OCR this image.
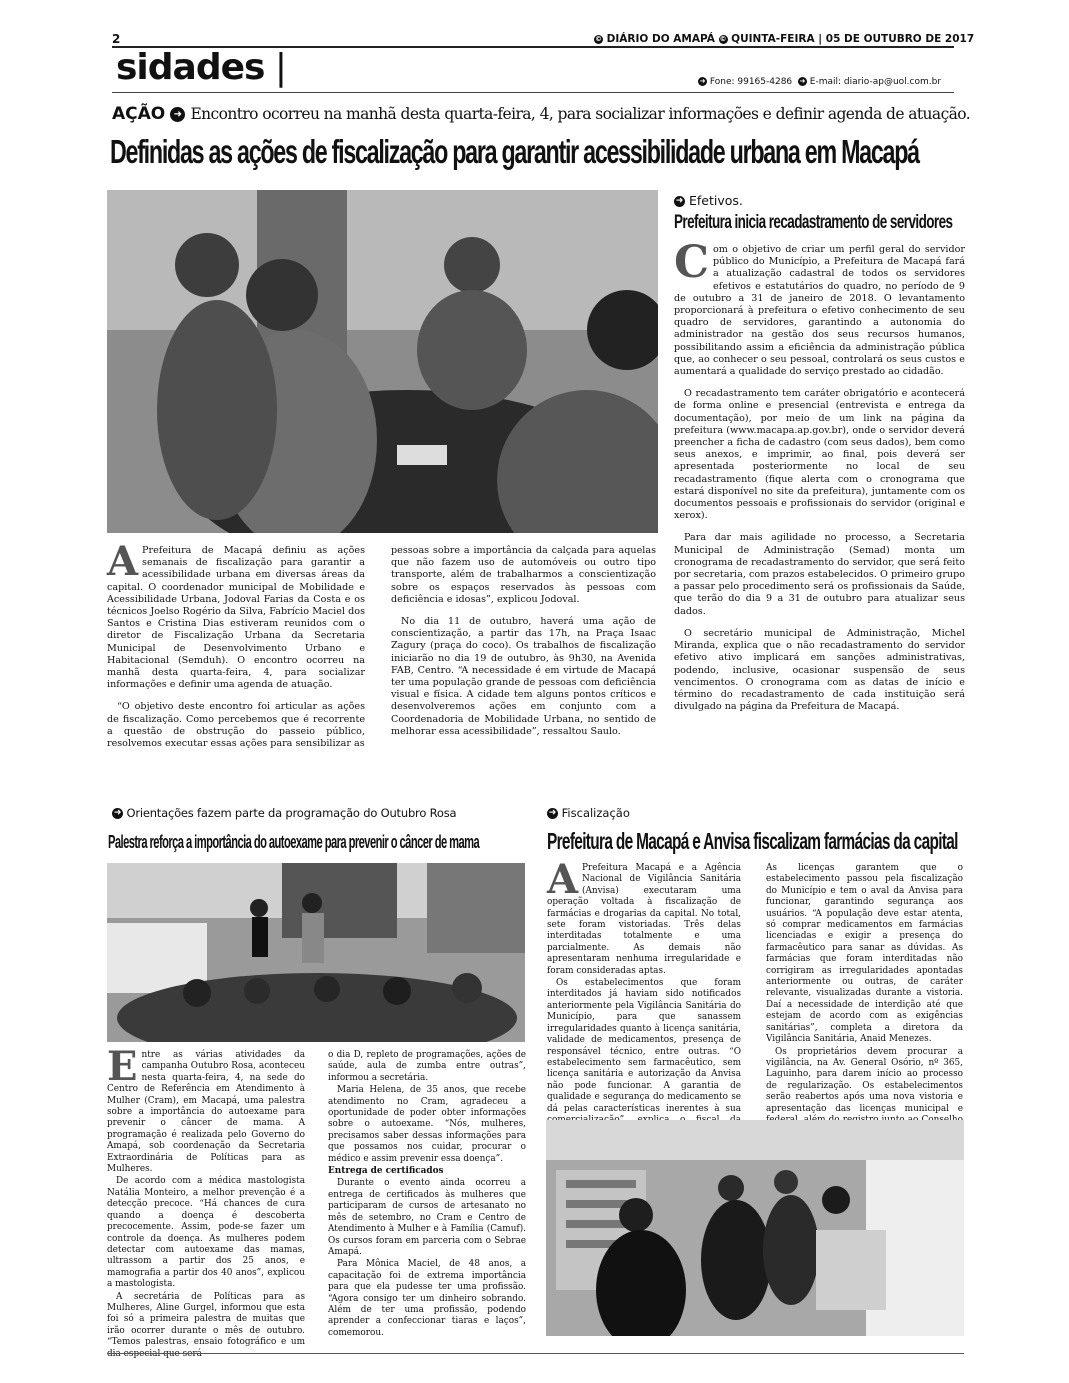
2	© DIÁRIO DO AMAPÁ © QUINTA-FEIRA | 05 DE OUTUBRO DE 2017
sidades |	➜ Fone: 99165-4286 ➜ E-mail: diario-ap@uol.com.br
AÇÃO ➜ Encontro ocorreu na manhã desta quarta-feira, 4, para socializar informações e definir agenda de atuação.
Definidas as ações de fiscalização para garantir acessibilidade urbana em Macapá

A Prefeitura de Macapá definiu as ações semanais de fiscalização para garantir a acessibilidade urbana em diversas áreas da capital. O coordenador municipal de Mobilidade e Acessibilidade Urbana, Jodoval Farias da Costa e os técnicos Joelso Rogério da Silva, Fabrício Maciel dos Santos e Cristina Dias estiveram reunidos com o diretor de Fiscalização Urbana da Secretaria Municipal de Desenvolvimento Urbano e Habitacional (Semduh). O encontro ocorreu na manhã desta quarta-feira, 4, para socializar informações e definir uma agenda de atuação.

“O objetivo deste encontro foi articular as ações de fiscalização. Como percebemos que é recorrente a questão de obstrução do passeio público, resolvemos executar essas ações para sensibilizar as

pessoas sobre a importância da calçada para aquelas que não fazem uso de automóveis ou outro tipo transporte, além de trabalharmos a conscientização sobre os espaços reservados às pessoas com deficiência e idosas”, explicou Jodoval.

No dia 11 de outubro, haverá uma ação de conscientização, a partir das 17h, na Praça Isaac Zagury (praça do coco). Os trabalhos de fiscalização iniciarão no dia 19 de outubro, às 9h30, na Avenida FAB, Centro. “A necessidade é em virtude de Macapá ter uma população grande de pessoas com deficiência visual e física. A cidade tem alguns pontos críticos e desenvolveremos ações em conjunto com a Coordenadoria de Mobilidade Urbana, no sentido de melhorar essa acessibilidade”, ressaltou Saulo.

➜ Efetivos.
Prefeitura inicia recadastramento de servidores

Com o objetivo de criar um perfil geral do servidor público do Município, a Prefeitura de Macapá fará a atualização cadastral de todos os servidores efetivos e estatutários do quadro, no período de 9 de outubro a 31 de janeiro de 2018. O levantamento proporcionará à prefeitura o efetivo conhecimento de seu quadro de servidores, garantindo a autonomia do administrador na gestão dos seus recursos humanos, possibilitando assim a eficiência da administração pública que, ao conhecer o seu pessoal, controlará os seus custos e aumentará a qualidade do serviço prestado ao cidadão.

O recadastramento tem caráter obrigatório e acontecerá de forma online e presencial (entrevista e entrega da documentação), por meio de um link na página da prefeitura (www.macapa.ap.gov.br), onde o servidor deverá preencher a ficha de cadastro (com seus dados), bem como seus anexos, e imprimir, ao final, pois deverá ser apresentada posteriormente no local de seu recadastramento (fique alerta com o cronograma que estará disponível no site da prefeitura), juntamente com os documentos pessoais e profissionais do servidor (original e xerox).

Para dar mais agilidade no processo, a Secretaria Municipal de Administração (Semad) monta um cronograma de recadastramento do servidor, que será feito por secretaria, com prazos estabelecidos. O primeiro grupo a passar pelo procedimento será os profissionais da Saúde, que terão do dia 9 a 31 de outubro para atualizar seus dados.

O secretário municipal de Administração, Michel Miranda, explica que o não recadastramento do servidor efetivo ativo implicará em sanções administrativas, podendo, inclusive, ocasionar suspensão de seus vencimentos. O cronograma com as datas de início e término do recadastramento de cada instituição será divulgado na página da Prefeitura de Macapá.

➜ Orientações fazem parte da programação do Outubro Rosa
Palestra reforça a importância do autoexame para prevenir o câncer de mama

Entre as várias atividades da campanha Outubro Rosa, aconteceu nesta quarta-feira, 4, na sede do Centro de Referência em Atendimento à Mulher (Cram), em Macapá, uma palestra sobre a importância do autoexame para prevenir o câncer de mama. A programação é realizada pelo Governo do Amapá, sob coordenação da Secretaria Extraordinária de Políticas para as Mulheres.

De acordo com a médica mastologista Natália Monteiro, a melhor prevenção é a detecção precoce. “Há chances de cura quando a doença é descoberta precocemente. Assim, pode-se fazer um controle da doença. As mulheres podem detectar com autoexame das mamas, ultrassom a partir dos 25 anos, e mamografia a partir dos 40 anos”, explicou a mastologista.

A secretária de Políticas para as Mulheres, Aline Gurgel, informou que esta foi só a primeira palestra de muitas que irão ocorrer durante o mês de outubro. “Temos palestras, ensaio fotográfico e um

o dia D, repleto de programações, ações de saúde, aula de zumba entre outras”, informou a secretária.

Maria Helena, de 35 anos, que recebe atendimento no Cram, agradeceu a oportunidade de poder obter informações sobre o autoexame. “Nós, mulheres, precisamos saber dessas informações para que possamos nos cuidar, procurar o médico e assim prevenir essa doença”.

Entrega de certificados

Durante o evento ainda ocorreu a entrega de certificados às mulheres que participaram de cursos de artesanato no mês de setembro, no Cram e Centro de Atendimento à Mulher e à Família (Camuf). Os cursos foram em parceria com o Sebrae Amapá.

Para Mônica Maciel, de 48 anos, a capacitação foi de extrema importância para que ela pudesse ter uma profissão. “Agora consigo ter um dinheiro sobrando. Além de ter uma profissão, podendo aprender a confeccionar tiaras e laços”, comemorou.

➜ Fiscalização
Prefeitura de Macapá e Anvisa fiscalizam farmácias da capital

A Prefeitura Macapá e a Agência Nacional de Vigilância Sanitária (Anvisa) executaram uma operação voltada à fiscalização de farmácias e drogarias da capital. No total, sete foram vistoriadas. Três delas interditadas totalmente e uma parcialmente. As demais não apresentaram nenhuma irregularidade e foram consideradas aptas.

Os estabelecimentos que foram interditados já haviam sido notificados anteriormente pela Vigilância Sanitária do Município, para que sanassem irregularidades quanto à licença sanitária, validade de medicamentos, presença de responsável técnico, entre outras. “O estabelecimento sem farmacêutico, sem licença sanitária e autorização da Anvisa não pode funcionar. A garantia de qualidade e segurança do medicamento se dá pelas características inerentes à sua

As licenças garantem que o estabelecimento passou pela fiscalização do Município e tem o aval da Anvisa para funcionar, garantindo segurança aos usuários. “A população deve estar atenta, só comprar medicamentos em farmácias licenciadas e exigir a presença do farmacêutico para sanar as dúvidas. As farmácias que foram interditadas não corrigiram as irregularidades apontadas anteriormente ou outras, de caráter relevante, visualizadas durante a vistoria. Daí a necessidade de interdição até que estejam de acordo com as exigências sanitárias”, completa a diretora da Vigilância Sanitária, Anaid Menezes.

Os proprietários devem procurar a vigilância, na Av. General Osório, nº 365, Laguinho, para darem início ao processo de regularização. Os estabelecimentos serão reabertos após uma nova vistoria e apresentação das licenças municipal e
